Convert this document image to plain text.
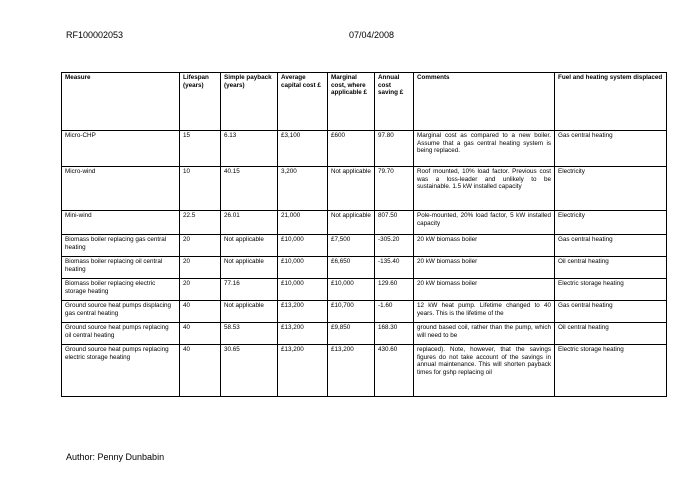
RF100002053	07/04/2008
Measure	Lifespan (years)	Simple payback (years)	Average capital cost £	Marginal cost, where applicable £	Annual cost saving £	Comments	Fuel and heating system displaced
Micro-CHP	15	6.13	£3,100	£600	97.80	Marginal cost as compared to a new boiler. Assume that a gas central heating system is being replaced.	Gas central heating
Micro-wind	10	40.15	3,200	Not applicable	79.70	Roof mounted, 10% load factor. Previous cost was a loss-leader and unlikely to be sustainable. 1.5 kW installed capacity	Electricity
Mini-wind	22.5	26.01	21,000	Not applicable	807.50	Pole-mounted, 20% load factor, 5 kW installed capacity	Electricity
Biomass boiler replacing gas central heating	20	Not applicable	£10,000	£7,500	-305.20	20 kW biomass boiler	Gas central heating
Biomass boiler replacing oil central heating	20	Not applicable	£10,000	£6,650	-135.40	20 kW biomass boiler	Oil central heating
Biomass boiler replacing electric storage heating	20	77.16	£10,000	£10,000	129.60	20 kW biomass boiler	Electric storage heating
Ground source heat pumps displacing gas central heating	40	Not applicable	£13,200	£10,700	-1.60	12 kW heat pump. Lifetime changed to 40 years. This is the lifetime of the	Gas central heating
Ground source heat pumps replacing oil central heating	40	58.53	£13,200	£9,850	168.30	ground based coil, rather than the pump, which will need to be	Oil central heating
Ground source heat pumps replacing electric storage heating	40	30.65	£13,200	£13,200	430.60	replaced). Note, however, that the savings figures do not take account of the savings in annual maintenance. This will shorten payback times for gshp replacing oil	Electric storage heating
Author: Penny Dunbabin
